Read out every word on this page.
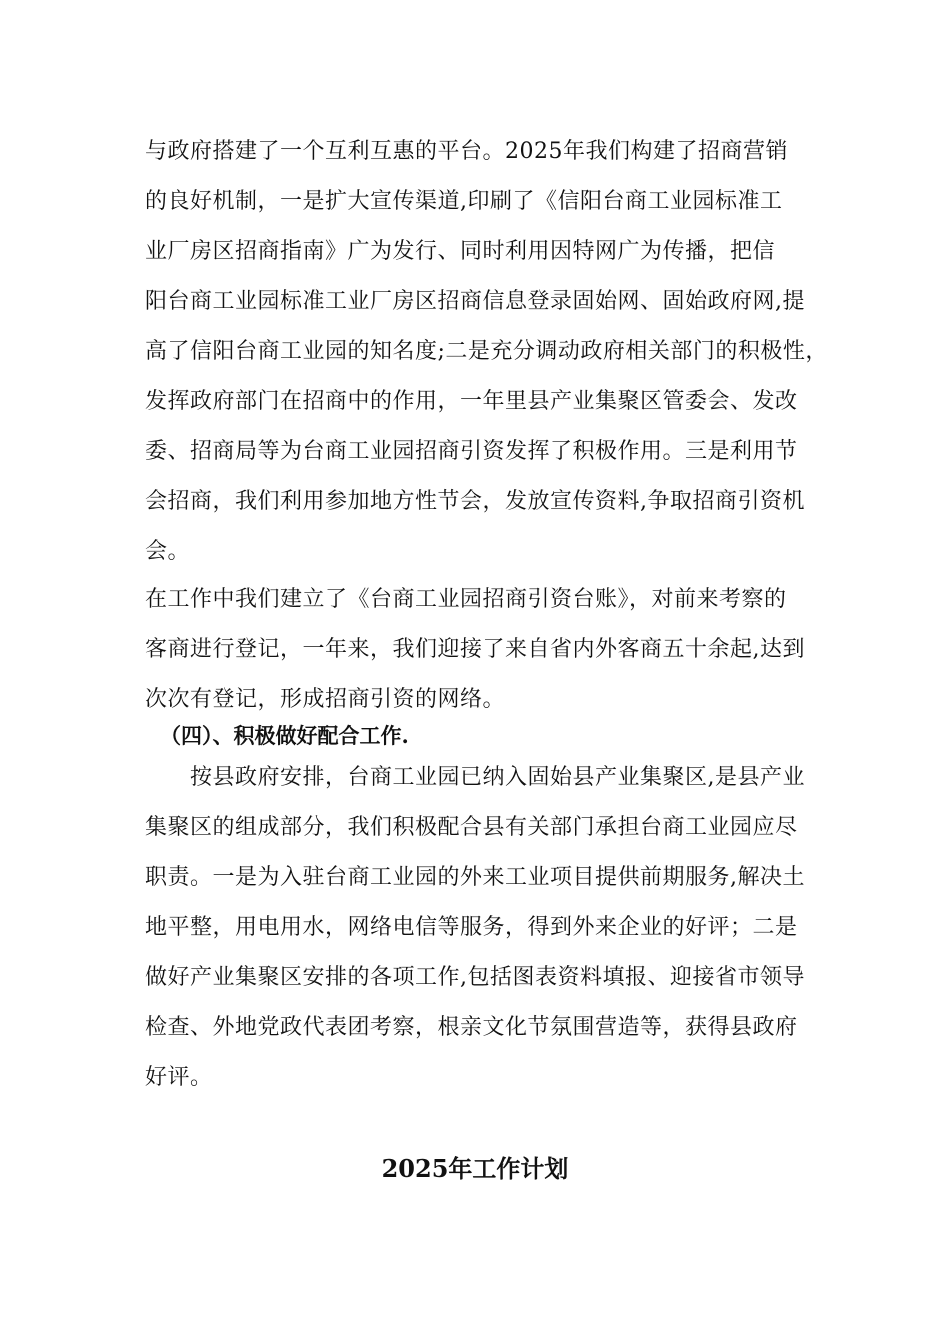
与政府搭建了一个互利互惠的平台。2025年我们构建了招商营销
的良好机制，一是扩大宣传渠道,印刷了《信阳台商工业园标准工
业厂房区招商指南》广为发行、同时利用因特网广为传播，把信
阳台商工业园标准工业厂房区招商信息登录固始网、固始政府网,提
高了信阳台商工业园的知名度;二是充分调动政府相关部门的积极性，
发挥政府部门在招商中的作用，一年里县产业集聚区管委会、发改
委、招商局等为台商工业园招商引资发挥了积极作用。三是利用节
会招商，我们利用参加地方性节会，发放宣传资料,争取招商引资机
会。
在工作中我们建立了《台商工业园招商引资台账》，对前来考察的
客商进行登记，一年来，我们迎接了来自省内外客商五十余起,达到
次次有登记，形成招商引资的网络。
（四）、积极做好配合工作.
按县政府安排，台商工业园已纳入固始县产业集聚区,是县产业
集聚区的组成部分，我们积极配合县有关部门承担台商工业园应尽
职责。一是为入驻台商工业园的外来工业项目提供前期服务,解决土
地平整，用电用水，网络电信等服务，得到外来企业的好评；二是
做好产业集聚区安排的各项工作,包括图表资料填报、迎接省市领导
检查、外地党政代表团考察，根亲文化节氛围营造等，获得县政府
好评。
2025年工作计划
